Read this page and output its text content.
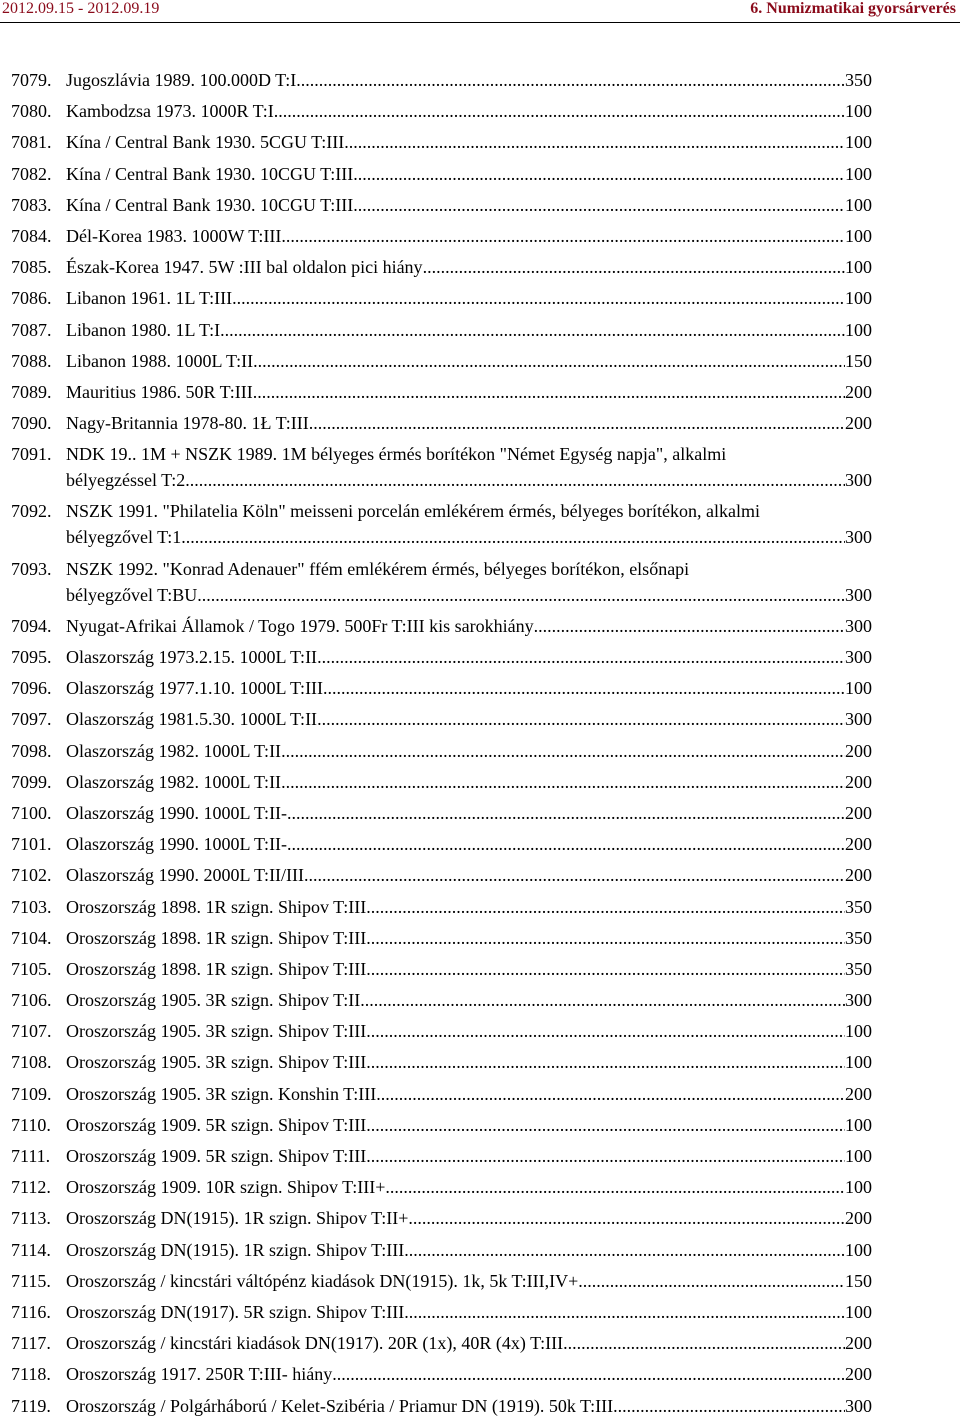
2012.09.15 - 2012.09.19	6. Numizmatikai gyorsárverés
7079. Jugoszlávia 1989. 100.000D T:I .....	350
7080. Kambodzsa 1973. 1000R T:I .....	100
7081. Kína / Central Bank 1930. 5CGU T:III .....	100
7082. Kína / Central Bank 1930. 10CGU T:III .....	100
7083. Kína / Central Bank 1930. 10CGU T:III .....	100
7084. Dél-Korea 1983. 1000W T:III .....	100
7085. Észak-Korea 1947. 5W :III bal oldalon pici hiány .....	100
7086. Libanon 1961. 1L T:III .....	100
7087. Libanon 1980. 1L T:I .....	100
7088. Libanon 1988. 1000L T:II .....	150
7089. Mauritius 1986. 50R T:III .....	200
7090. Nagy-Britannia 1978-80. 1Ł T:III .....	200
7091. NDK 19.. 1M + NSZK 1989. 1M bélyeges érmés borítékon "Német Egység napja", alkalmi
bélyegzéssel T:2 .....	300
7092. NSZK 1991. "Philatelia Köln" meisseni porcelán emlékérem érmés, bélyeges borítékon, alkalmi
bélyegzővel T:1 .....	300
7093. NSZK 1992. "Konrad Adenauer" ffém emlékérem érmés, bélyeges borítékon, elsőnapi
bélyegzővel T:BU .....	300
7094. Nyugat-Afrikai Államok / Togo 1979. 500Fr T:III kis sarokhiány .....	300
7095. Olaszország 1973.2.15. 1000L T:II .....	300
7096. Olaszország 1977.1.10. 1000L T:III .....	100
7097. Olaszország 1981.5.30. 1000L T:II .....	300
7098. Olaszország 1982. 1000L T:II .....	200
7099. Olaszország 1982. 1000L T:II .....	200
7100. Olaszország 1990. 1000L T:II- .....	200
7101. Olaszország 1990. 1000L T:II- .....	200
7102. Olaszország 1990. 2000L T:II/III .....	200
7103. Oroszország 1898. 1R szign. Shipov T:III .....	350
7104. Oroszország 1898. 1R szign. Shipov T:III .....	350
7105. Oroszország 1898. 1R szign. Shipov T:III .....	350
7106. Oroszország 1905. 3R szign. Shipov T:II .....	300
7107. Oroszország 1905. 3R szign. Shipov T:III .....	100
7108. Oroszország 1905. 3R szign. Shipov T:III .....	100
7109. Oroszország 1905. 3R szign. Konshin T:III .....	200
7110. Oroszország 1909. 5R szign. Shipov T:III .....	100
7111. Oroszország 1909. 5R szign. Shipov T:III .....	100
7112. Oroszország 1909. 10R szign. Shipov T:III+ .....	100
7113. Oroszország DN(1915). 1R szign. Shipov T:II+ .....	200
7114. Oroszország DN(1915). 1R szign. Shipov T:III .....	100
7115. Oroszország / kincstári váltópénz kiadások DN(1915). 1k, 5k T:III,IV+ .....	150
7116. Oroszország DN(1917). 5R szign. Shipov T:III .....	100
7117. Oroszország / kincstári kiadások DN(1917). 20R (1x), 40R (4x) T:III .....	200
7118. Oroszország 1917. 250R T:III- hiány .....	200
7119. Oroszország / Polgárháború / Kelet-Szibéria / Priamur DN (1919). 50k T:III .....	300
